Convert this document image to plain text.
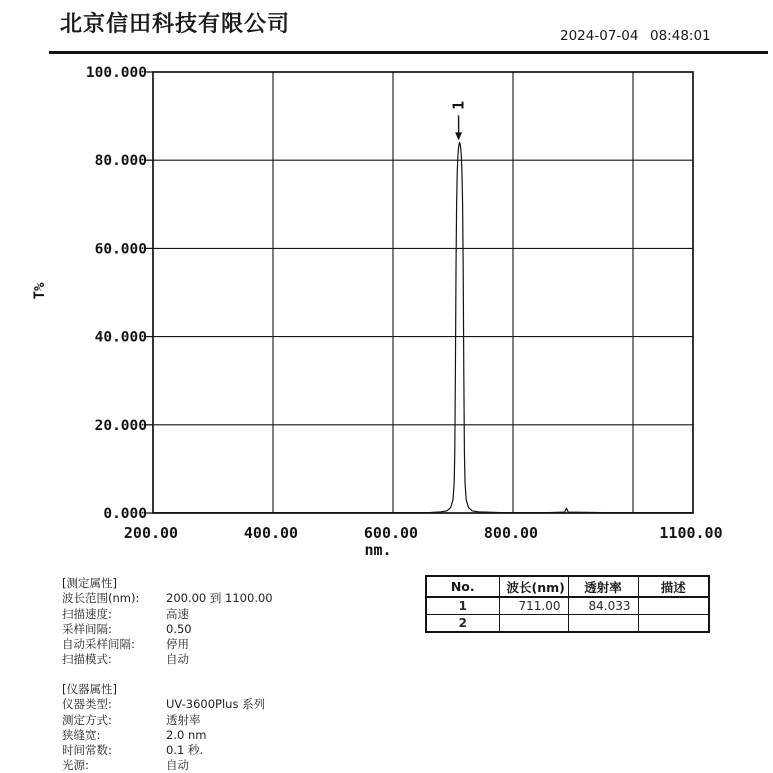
北京信田科技有限公司	2024-07-04 08:48:01
100.000
80.000
60.000
40.000
20.000
0.000
200.00	400.00	600.00	800.00	1100.00
nm.
T%
1
[测定属性]
波长范围(nm): 200.00 到 1100.00
扫描速度:	高速
采样间隔:	0.50
自动采样间隔:	停用
扫描模式:	自动
[仪器属性]
仪器类型:	UV-3600Plus 系列
测定方式:	透射率
狭缝宽:	2.0 nm
时间常数:	0.1 秒.
光源:	自动
No.	波长(nm)	透射率	描述
1	711.00	84.033	
2			
